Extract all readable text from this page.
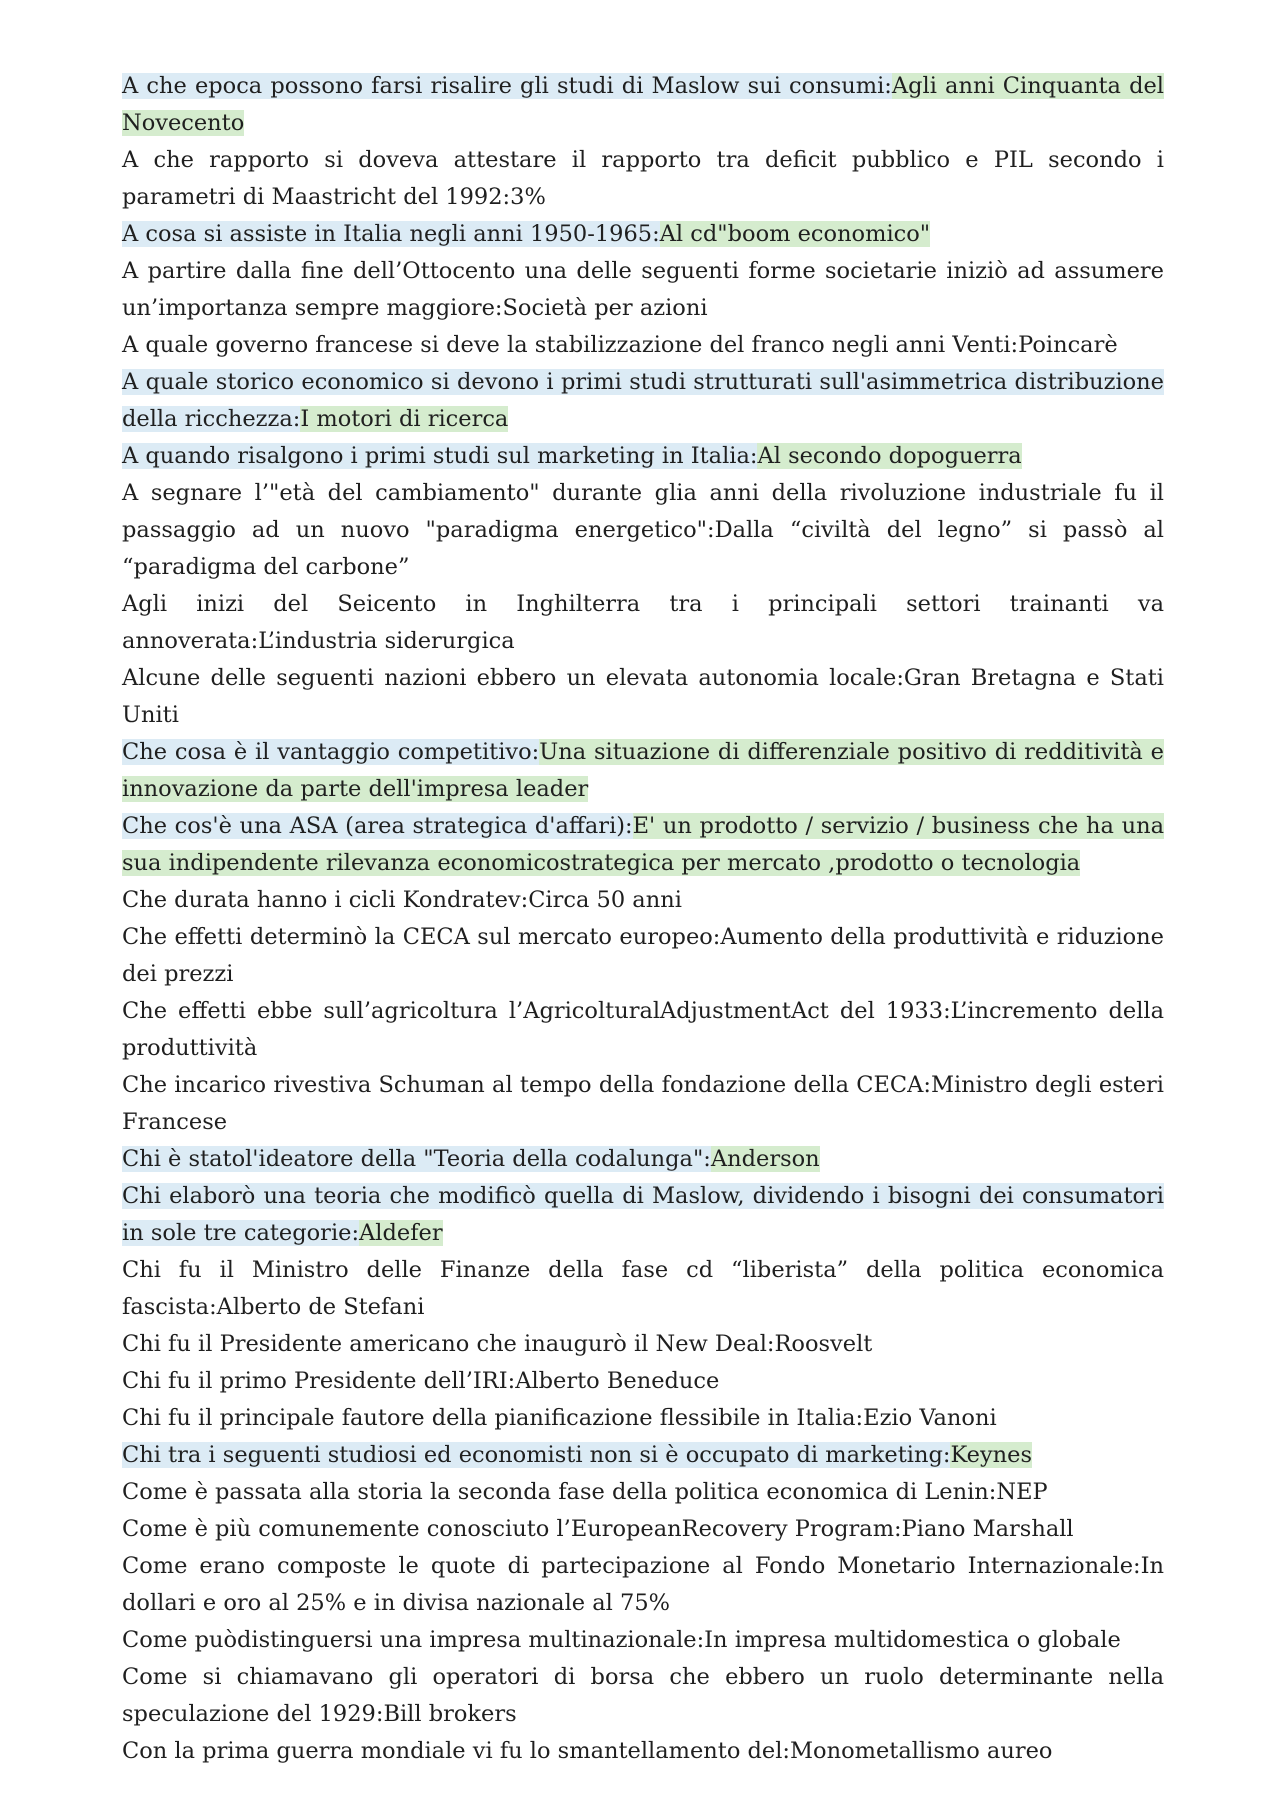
A che epoca possono farsi risalire gli studi di Maslow sui consumi:Agli anni Cinquanta del Novecento

A che rapporto si doveva attestare il rapporto tra deficit pubblico e PIL secondo i parametri di Maastricht del 1992:3%

A cosa si assiste in Italia negli anni 1950-1965:Al cd"boom economico"

A partire dalla fine dell’Ottocento una delle seguenti forme societarie iniziò ad assumere un’importanza sempre maggiore:Società per azioni

A quale governo francese si deve la stabilizzazione del franco negli anni Venti:Poincarè

A quale storico economico si devono i primi studi strutturati sull'asimmetrica distribuzione della ricchezza:I motori di ricerca

A quando risalgono i primi studi sul marketing in Italia:Al secondo dopoguerra

A segnare l’"età del cambiamento" durante glia anni della rivoluzione industriale fu il passaggio ad un nuovo "paradigma energetico":Dalla “civiltà del legno” si passò al “paradigma del carbone”

Agli inizi del Seicento in Inghilterra tra i principali settori trainanti va annoverata:L’industria siderurgica

Alcune delle seguenti nazioni ebbero un elevata autonomia locale:Gran Bretagna e Stati Uniti

Che cosa è il vantaggio competitivo:Una situazione di differenziale positivo di redditività e innovazione da parte dell'impresa leader

Che cos'è una ASA (area strategica d'affari):E' un prodotto / servizio / business che ha una sua indipendente rilevanza economicostrategica per mercato ,prodotto o tecnologia

Che durata hanno i cicli Kondratev:Circa 50 anni

Che effetti determinò la CECA sul mercato europeo:Aumento della produttività e riduzione dei prezzi

Che effetti ebbe sull’agricoltura l’AgricolturalAdjustmentAct del 1933:L’incremento della produttività

Che incarico rivestiva Schuman al tempo della fondazione della CECA:Ministro degli esteri Francese

Chi è statol'ideatore della "Teoria della codalunga":Anderson

Chi elaborò una teoria che modificò quella di Maslow, dividendo i bisogni dei consumatori in sole tre categorie:Aldefer

Chi fu il Ministro delle Finanze della fase cd “liberista” della politica economica fascista:Alberto de Stefani

Chi fu il Presidente americano che inaugurò il New Deal:Roosvelt

Chi fu il primo Presidente dell’IRI:Alberto Beneduce

Chi fu il principale fautore della pianificazione flessibile in Italia:Ezio Vanoni

Chi tra i seguenti studiosi ed economisti non si è occupato di marketing:Keynes

Come è passata alla storia la seconda fase della politica economica di Lenin:NEP

Come è più comunemente conosciuto l’EuropeanRecovery Program:Piano Marshall

Come erano composte le quote di partecipazione al Fondo Monetario Internazionale:In dollari e oro al 25% e in divisa nazionale al 75%

Come puòdistinguersi una impresa multinazionale:In impresa multidomestica o globale

Come si chiamavano gli operatori di borsa che ebbero un ruolo determinante nella speculazione del 1929:Bill brokers

Con la prima guerra mondiale vi fu lo smantellamento del:Monometallismo aureo
